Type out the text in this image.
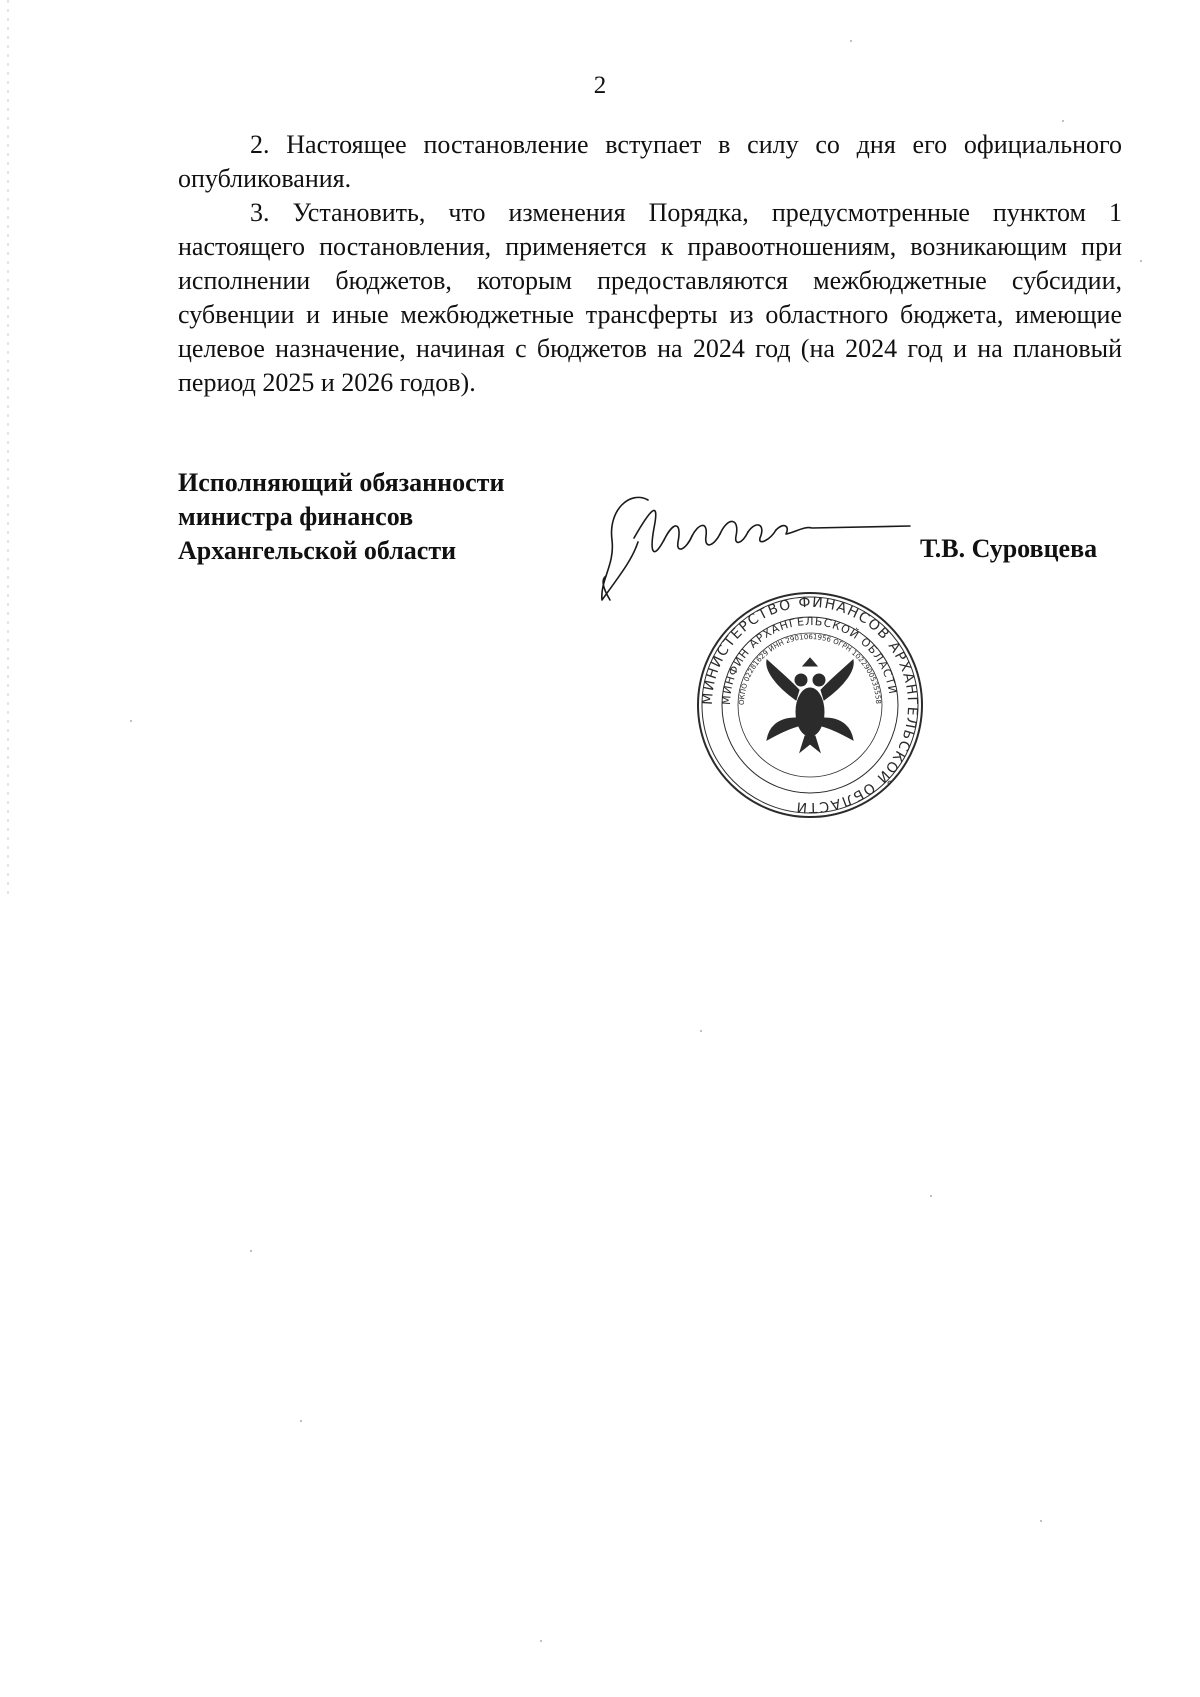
2

2. Настоящее постановление вступает в силу со дня его официального опубликования.

3. Установить, что изменения Порядка, предусмотренные пунктом 1 настоящего постановления, применяется к правоотношениям, возникающим при исполнении бюджетов, которым предоставляются межбюджетные субсидии, субвенции и иные межбюджетные трансферты из областного бюджета, имеющие целевое назначение, начиная с бюджетов на 2024 год (на 2024 год и на плановый период 2025 и 2026 годов).

Исполняющий обязанности
министра финансов
Архангельской области	Т.В. Суровцева
МИНИСТЕРСТВО ФИНАНСОВ АРХАНГЕЛЬСКОЙ ОБЛАСТИ
МИНФИН АРХАНГЕЛЬСКОЙ ОБЛАСТИ
ОКПО 02281629 ИНН 2901061956 ОГРН 1022900535558
